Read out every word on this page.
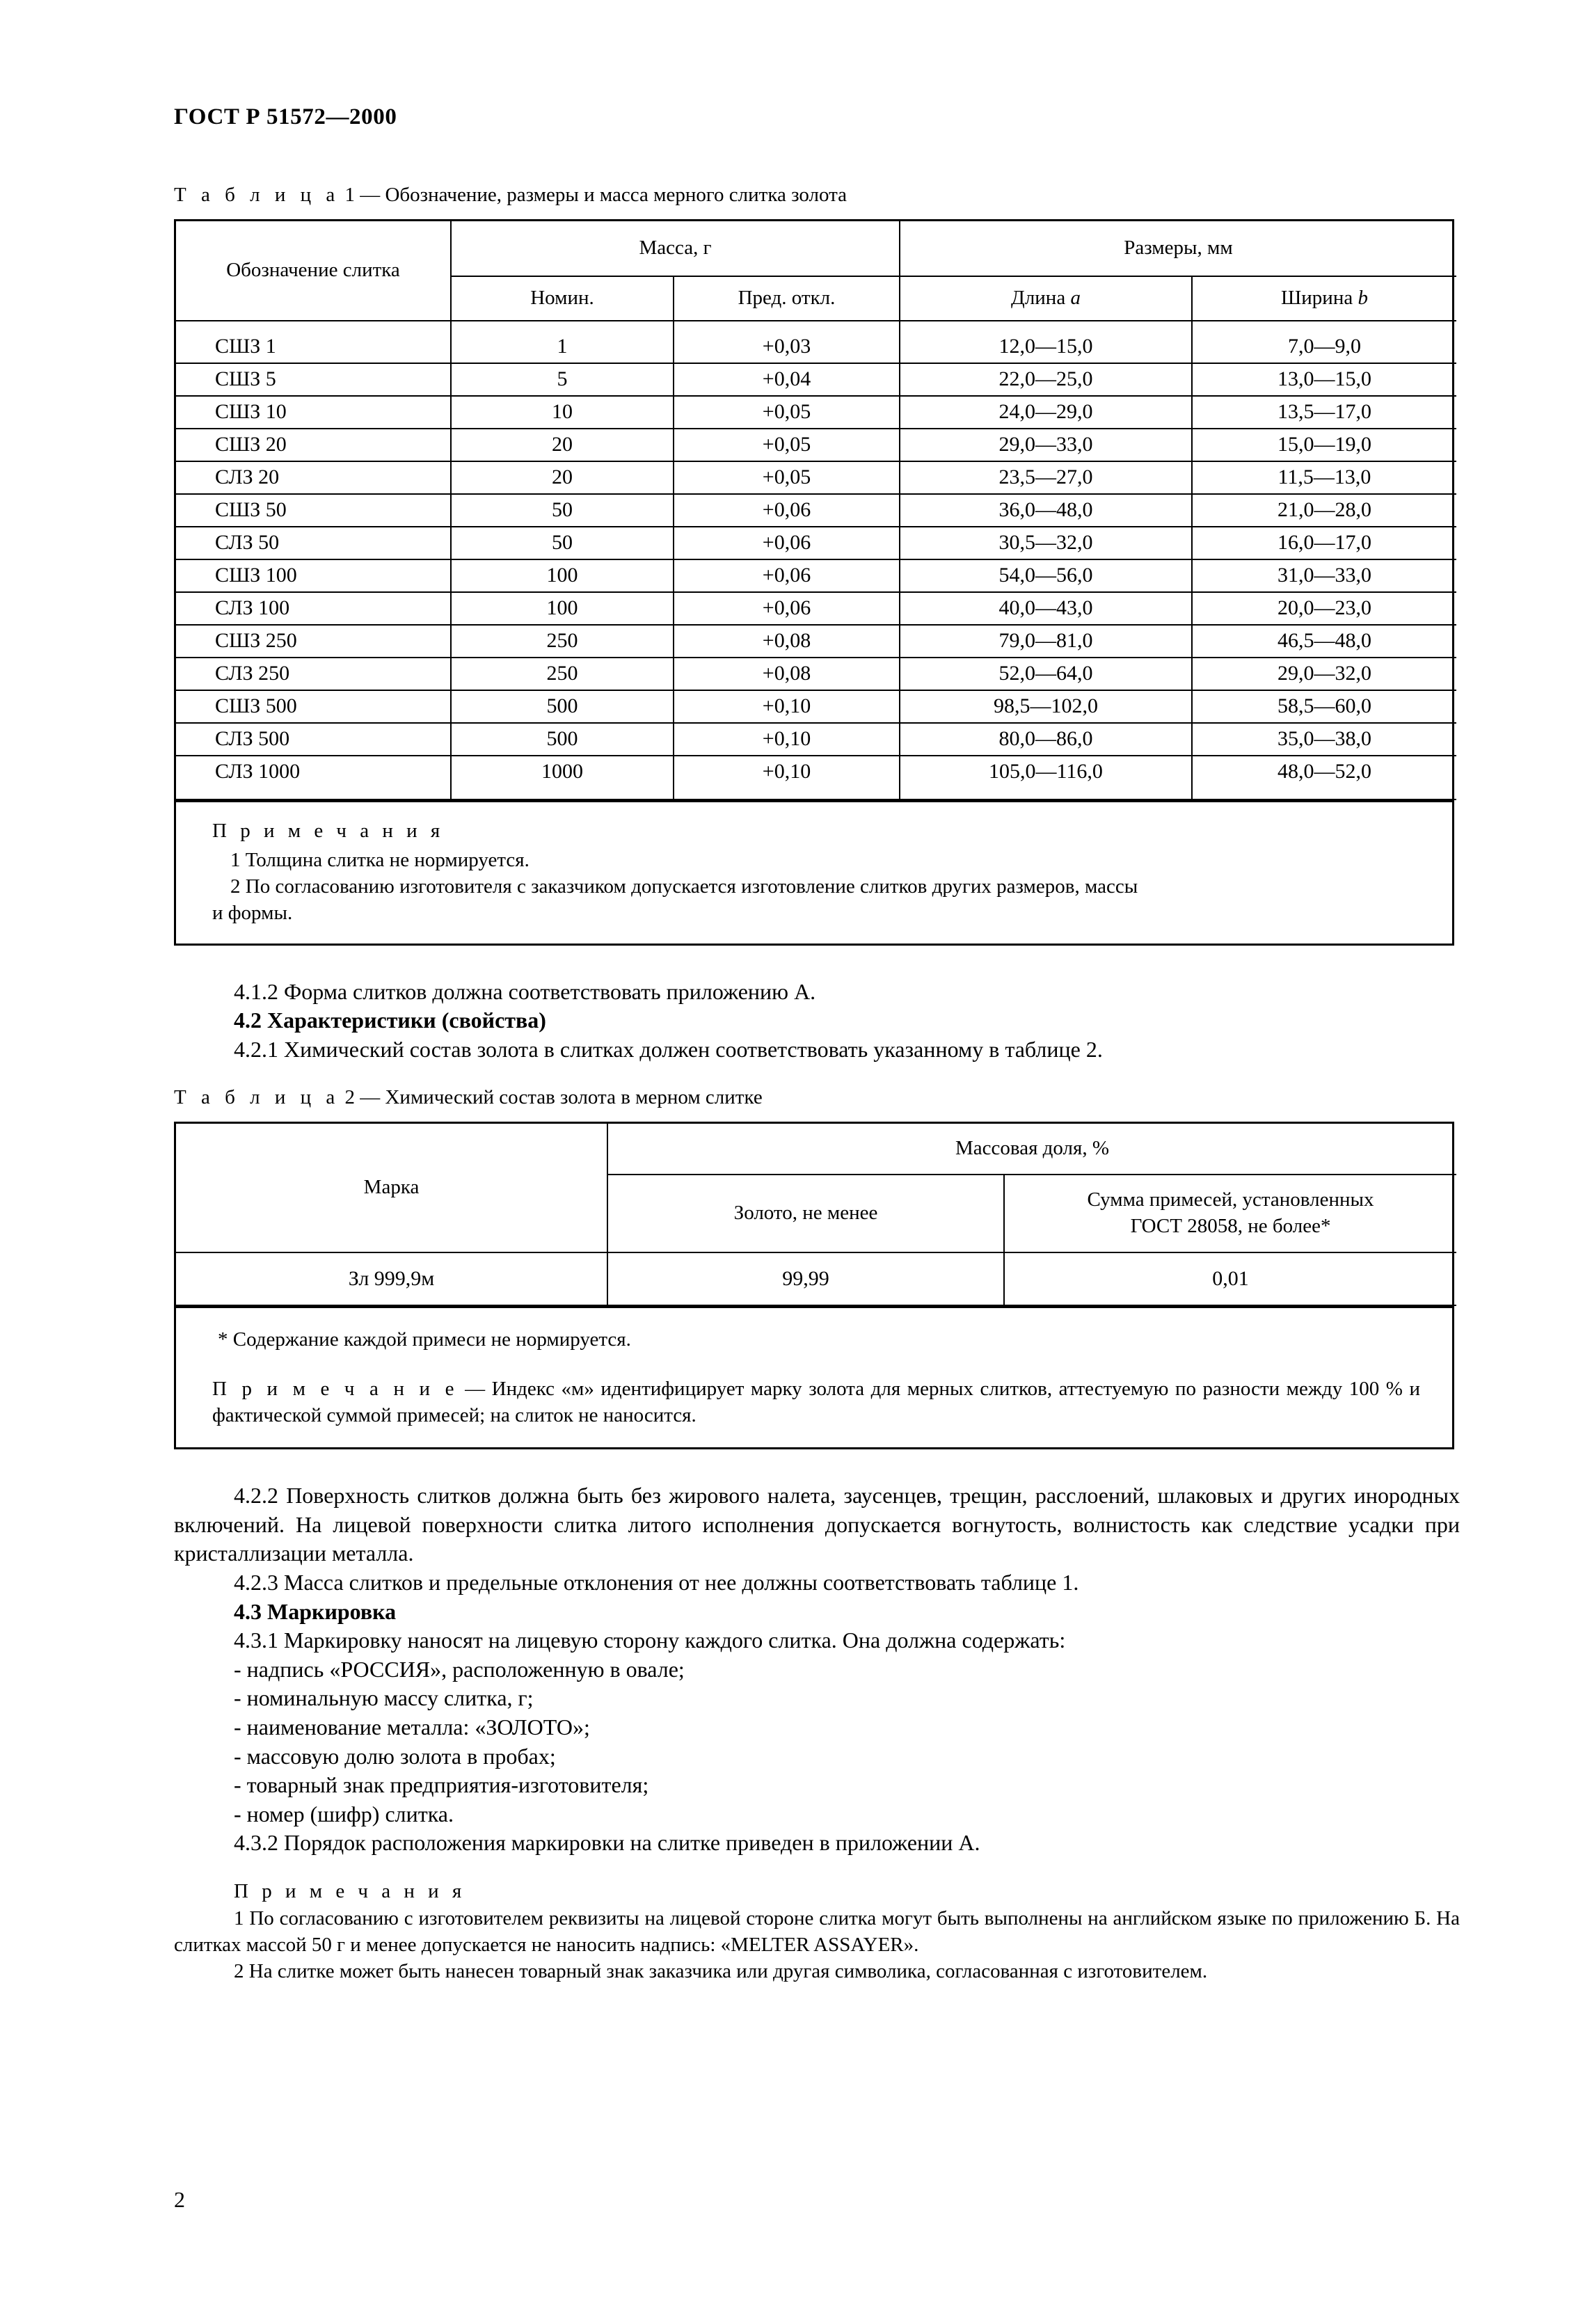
ГОСТ Р 51572—2000
Т а б л и ц а 1 — Обозначение, размеры и масса мерного слитка золота
Обозначение слитка	Масса, г		Размеры, мм	
	Номин.	Пред. откл.	Длина a	Ширина b
СШЗ 1	1	+0,03	12,0—15,0	7,0—9,0
СШЗ 5	5	+0,04	22,0—25,0	13,0—15,0
СШЗ 10	10	+0,05	24,0—29,0	13,5—17,0
СШЗ 20	20	+0,05	29,0—33,0	15,0—19,0
СЛЗ 20	20	+0,05	23,5—27,0	11,5—13,0
СШЗ 50	50	+0,06	36,0—48,0	21,0—28,0
СЛЗ 50	50	+0,06	30,5—32,0	16,0—17,0
СШЗ 100	100	+0,06	54,0—56,0	31,0—33,0
СЛЗ 100	100	+0,06	40,0—43,0	20,0—23,0
СШЗ 250	250	+0,08	79,0—81,0	46,5—48,0
СЛЗ 250	250	+0,08	52,0—64,0	29,0—32,0
СШЗ 500	500	+0,10	98,5—102,0	58,5—60,0
СЛЗ 500	500	+0,10	80,0—86,0	35,0—38,0
СЛЗ 1000	1000	+0,10	105,0—116,0	48,0—52,0
П р и м е ч а н и я
1 Толщина слитка не нормируется.
2 По согласованию изготовителя с заказчиком допускается изготовление слитков других размеров, массы
и формы.

4.1.2 Форма слитков должна соответствовать приложению А.

4.2 Характеристики (свойства)

4.2.1 Химический состав золота в слитках должен соответствовать указанному в таблице 2.

Т а б л и ц а 2 — Химический состав золота в мерном слитке
Марка	Массовая доля, %	
	Золото, не менее	Сумма примесей, установленных
ГОСТ 28058, не более*
Зл 999,9м	99,99	0,01
* Содержание каждой примеси не нормируется.
П р и м е ч а н и е — Индекс «м» идентифицирует марку золота для мерных слитков, аттестуемую по разности между 100 % и фактической суммой примесей; на слиток не наносится.

4.2.2 Поверхность слитков должна быть без жирового налета, заусенцев, трещин, расслоений, шлаковых и других инородных включений. На лицевой поверхности слитка литого исполнения допускается вогнутость, волнистость как следствие усадки при кристаллизации металла.

4.2.3 Масса слитков и предельные отклонения от нее должны соответствовать таблице 1.

4.3 Маркировка

4.3.1 Маркировку наносят на лицевую сторону каждого слитка. Она должна содержать:

- надпись «РОССИЯ», расположенную в овале;

- номинальную массу слитка, г;

- наименование металла: «ЗОЛОТО»;

- массовую долю золота в пробах;

- товарный знак предприятия-изготовителя;

- номер (шифр) слитка.

4.3.2 Порядок расположения маркировки на слитке приведен в приложении А.

П р и м е ч а н и я

1 По согласованию с изготовителем реквизиты на лицевой стороне слитка могут быть выполнены на английском языке по приложению Б. На слитках массой 50 г и менее допускается не наносить надпись: «MELTER ASSAYER».

2 На слитке может быть нанесен товарный знак заказчика или другая символика, согласованная с изготовителем.

2
